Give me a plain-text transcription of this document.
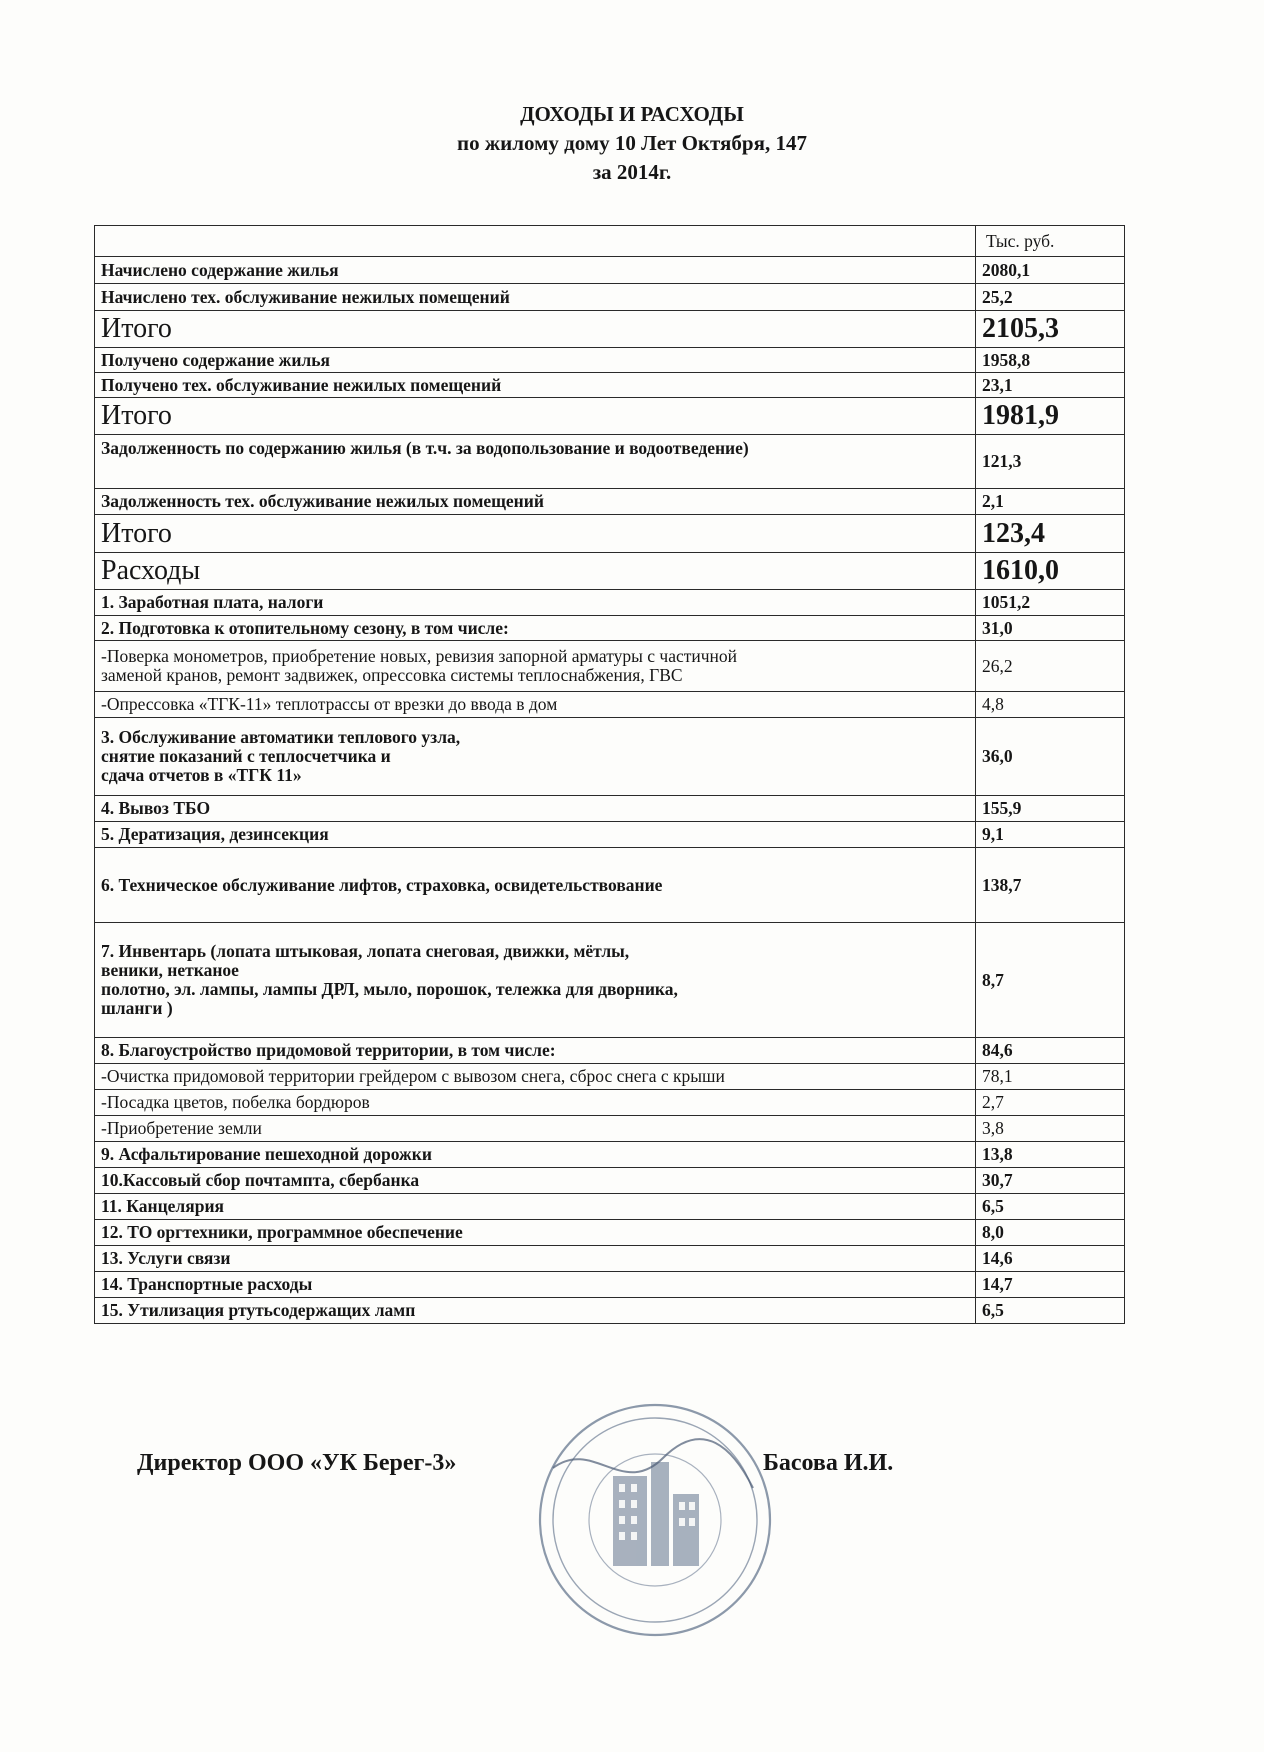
ДОХОДЫ И РАСХОДЫ
по жилому дому 10 Лет Октября, 147
за 2014г.
	Тыс. руб.
Начислено содержание жилья	2080,1
Начислено тех. обслуживание нежилых помещений	25,2
Итого	2105,3
Получено содержание жилья	1958,8
Получено тех. обслуживание нежилых помещений	23,1
Итого	1981,9
Задолженность по содержанию жилья (в т.ч. за водопользование и водоотведение)	121,3
Задолженность тех. обслуживание нежилых помещений	2,1
Итого	123,4
Расходы	1610,0
1. Заработная плата, налоги	1051,2
2. Подготовка к отопительному сезону, в том числе:	31,0

-Поверка монометров, приобретение новых, ревизия запорной арматуры с частичной
заменой кранов, ремонт задвижек, опрессовка системы теплоснабжения, ГВС	26,2
-Опрессовка «ТГК-11» теплотрассы от врезки до ввода в дом	4,8

3. Обслуживание автоматики теплового узла,
снятие показаний с теплосчетчика и
сдача отчетов в «ТГК 11»	36,0
4. Вывоз ТБО	155,9
5. Дератизация, дезинсекция	9,1
6. Техническое обслуживание лифтов, страховка, освидетельствование	138,7

7. Инвентарь (лопата штыковая, лопата снеговая, движки, мётлы,
веники, нетканое
полотно, эл. лампы, лампы ДРЛ, мыло, порошок, тележка для дворника,
шланги )	8,7
8. Благоустройство придомовой территории, в том числе:	84,6
-Очистка придомовой территории грейдером с вывозом снега, сброс снега с крыши	78,1
-Посадка цветов, побелка бордюров	2,7
-Приобретение земли	3,8
9. Асфальтирование пешеходной дорожки	13,8
10.Кассовый сбор почтампта, сбербанка	30,7
11. Канцелярия	6,5
12. ТО оргтехники, программное обеспечение	8,0
13. Услуги связи	14,6
14. Транспортные расходы	14,7
15. Утилизация ртутьсодержащих ламп	6,5
Директор ООО «УК Берег-3»	Басова И.И.
